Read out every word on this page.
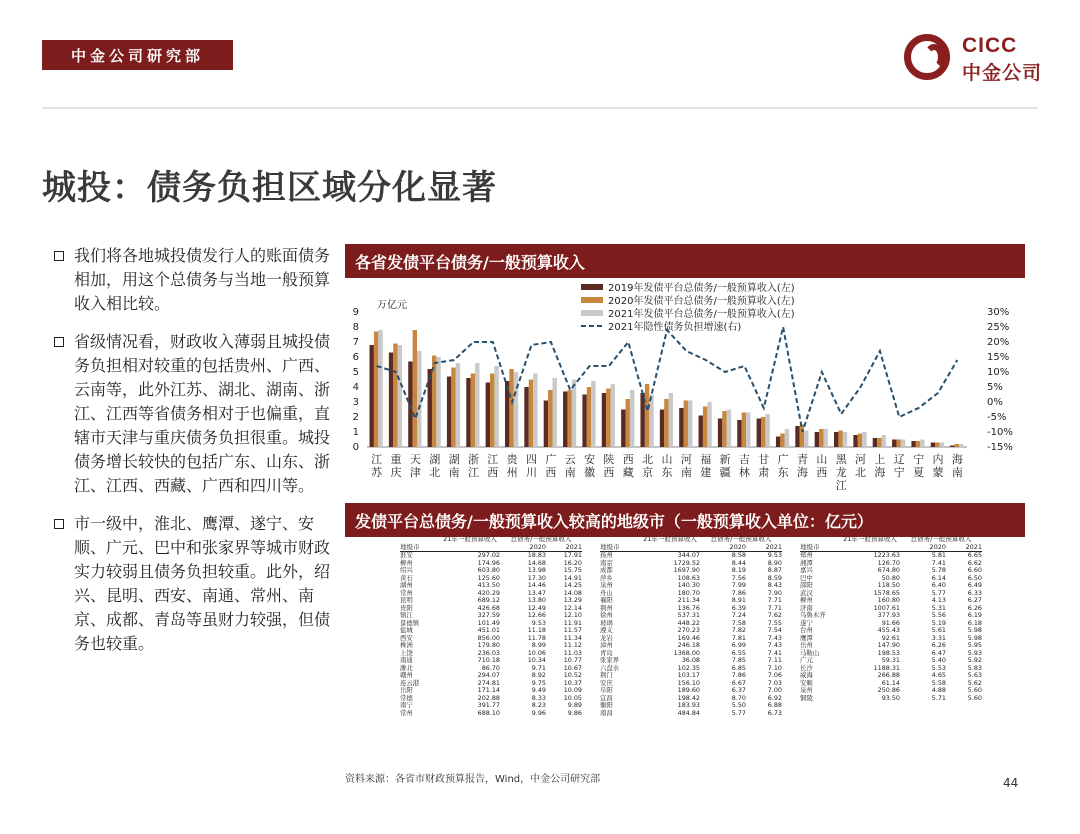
中金公司研究部	CICC
中金公司
城投：债务负担区域分化显著
我们将各地城投债发行人的账面债务相加，用这个总债务与当地一般预算收入相比较。
省级情况看，财政收入薄弱且城投债务负担相对较重的包括贵州、广西、云南等，此外江苏、湖北、湖南、浙江、江西等省债务相对于也偏重，直辖市天津与重庆债务负担很重。城投债务增长较快的包括广东、山东、浙江、江西、西藏、广西和四川等。
市一级中，淮北、鹰潭、遂宁、安顺、广元、巴中和张家界等城市财政实力较弱且债务负担较重。此外，绍兴、昆明、西安、南通、常州、南京、成都、青岛等虽财力较强，但债务也较重。
各省发债平台债务/一般预算收入
万亿元
0
1
2
3
4
5
6
7
8
9
-15%
-10%
-5%
0%
5%
10%
15%
20%
25%
30%
江苏
重庆
天津
湖北
湖南
浙江
江西
贵州
四川
广西
云南
安徽
陕西
西藏
北京
山东
河南
福建
新疆
吉林
甘肃
广东
青海
山西
黑龙江
河北
上海
辽宁
宁夏
内蒙
海南
2019年发债平台总债务/一般预算收入(左)
2020年发债平台总债务/一般预算收入(左)
2021年发债平台总债务/一般预算收入(左)
2021年隐性债务负担增速(右)
发债平台总债务/一般预算收入较高的地级市（一般预算收入单位：亿元）
21年一般预算收入	总债务/一般预算收入
地级市	2020	2021
淮安	297.02	18.83	17.91
柳州	174.96	14.68	16.20
绍兴	603.80	13.98	15.75
黄石	125.60	17.30	14.91
湖州	413.50	14.46	14.25
常州	420.29	13.47	14.08
昆明	689.12	13.80	13.29
贵阳	426.68	12.49	12.14
镇江	327.59	12.66	12.10
景德镇	101.49	9.53	11.91
盐城	451.01	11.18	11.57
西安	856.00	11.78	11.34
株洲	179.80	8.99	11.12
上饶	236.03	10.06	11.03
南通	710.18	10.34	10.77
潍北	86.70	9.71	10.67
赣州	294.07	8.92	10.52
连云港	274.81	9.75	10.37
岳阳	171.14	9.49	10.09
常德	202.88	8.33	10.05
南宁	391.77	8.23	9.89
常州	688.10	9.96	9.86
21年一般预算收入	总债务/一般预算收入
地级市	2020	2021
扬州	344.07	8.58	9.53
南京	1729.52	8.44	8.90
成都	1697.90	8.19	8.87
萍乡	108.63	7.56	8.59
泉州	140.30	7.99	8.43
舟山	180.70	7.86	7.90
襄阳	211.34	8.91	7.71
荆州	136.76	6.39	7.71
徐州	537.31	7.24	7.62
玻璃	448.22	7.58	7.55
遵义	270.23	7.82	7.54
龙岩	169.46	7.81	7.43
漳州	246.18	6.99	7.43
青岛	1368.00	6.55	7.41
张家界	36.08	7.85	7.11
六盘水	102.35	6.85	7.10
荆门	103.17	7.86	7.06
安庆	156.10	6.67	7.03
阜阳	189.60	6.37	7.00
宜昌	198.42	8.70	6.92
衡阳	183.93	5.50	6.88
南昌	484.84	5.77	6.73
21年一般预算收入	总债务/一般预算收入
地级市	2020	2021
郑州	1223.63	5.81	6.65
湘潭	126.70	7.41	6.62
嘉兴	674.80	5.78	6.60
巴中	50.80	6.14	6.50
邵阳	118.50	6.40	6.49
武汉	1578.65	5.77	6.33
柳州	160.80	4.13	6.27
济南	1007.61	5.31	6.26
乌鲁木齐	377.93	5.56	6.19
遂宁	91.66	5.19	6.18
台州	455.43	5.61	5.98
鹰潭	92.61	3.31	5.98
岳州	147.90	6.26	5.95
马鞍山	198.53	6.47	5.93
广元	59.31	5.40	5.92
长沙	1188.31	5.53	5.83
威海	266.88	4.65	5.63
安顺	61.14	5.58	5.62
泉州	250.86	4.88	5.60
铜陵	93.50	5.71	5.60
资料来源：各省市财政预算报告，Wind，中金公司研究部	44
